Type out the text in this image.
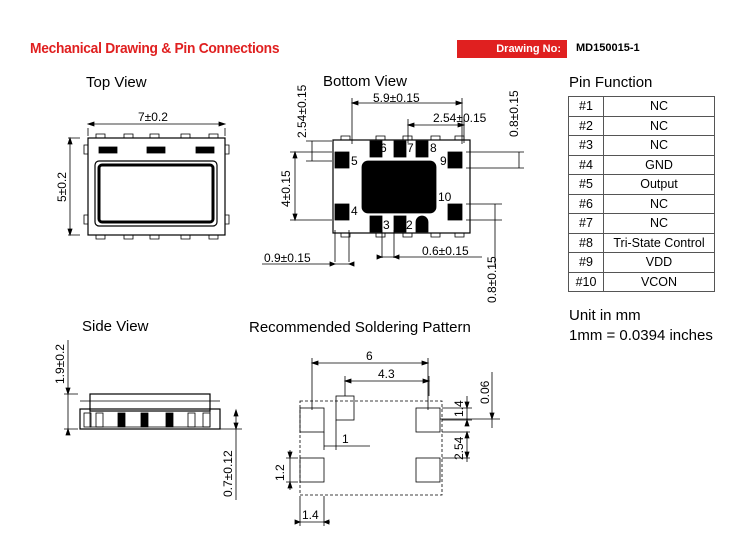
Mechanical Drawing & Pin Connections	Drawing No:	MD150015-1
Top View	Bottom View	Pin Function
Side View	Recommended Soldering Pattern
#1	NC
#2	NC
#3	NC
#4	GND
#5	Output
#6	NC
#7	NC
#8	Tri-State Control
#9	VDD
#10	VCON
Unit in mm
1mm = 0.0394 inches
7±0.2
5±0.2
5.9±0.15
2.54±0.15
2.54±0.15	0.8±0.15
4±0.15
0.9±0.15	0.6±0.15
0.8±0.15
1
2
3
4
5
6 7 8
9
10
1.9±0.2
0.7±0.12
6
4.3
1
1.4
0.06
2.54
1.2
1.4
